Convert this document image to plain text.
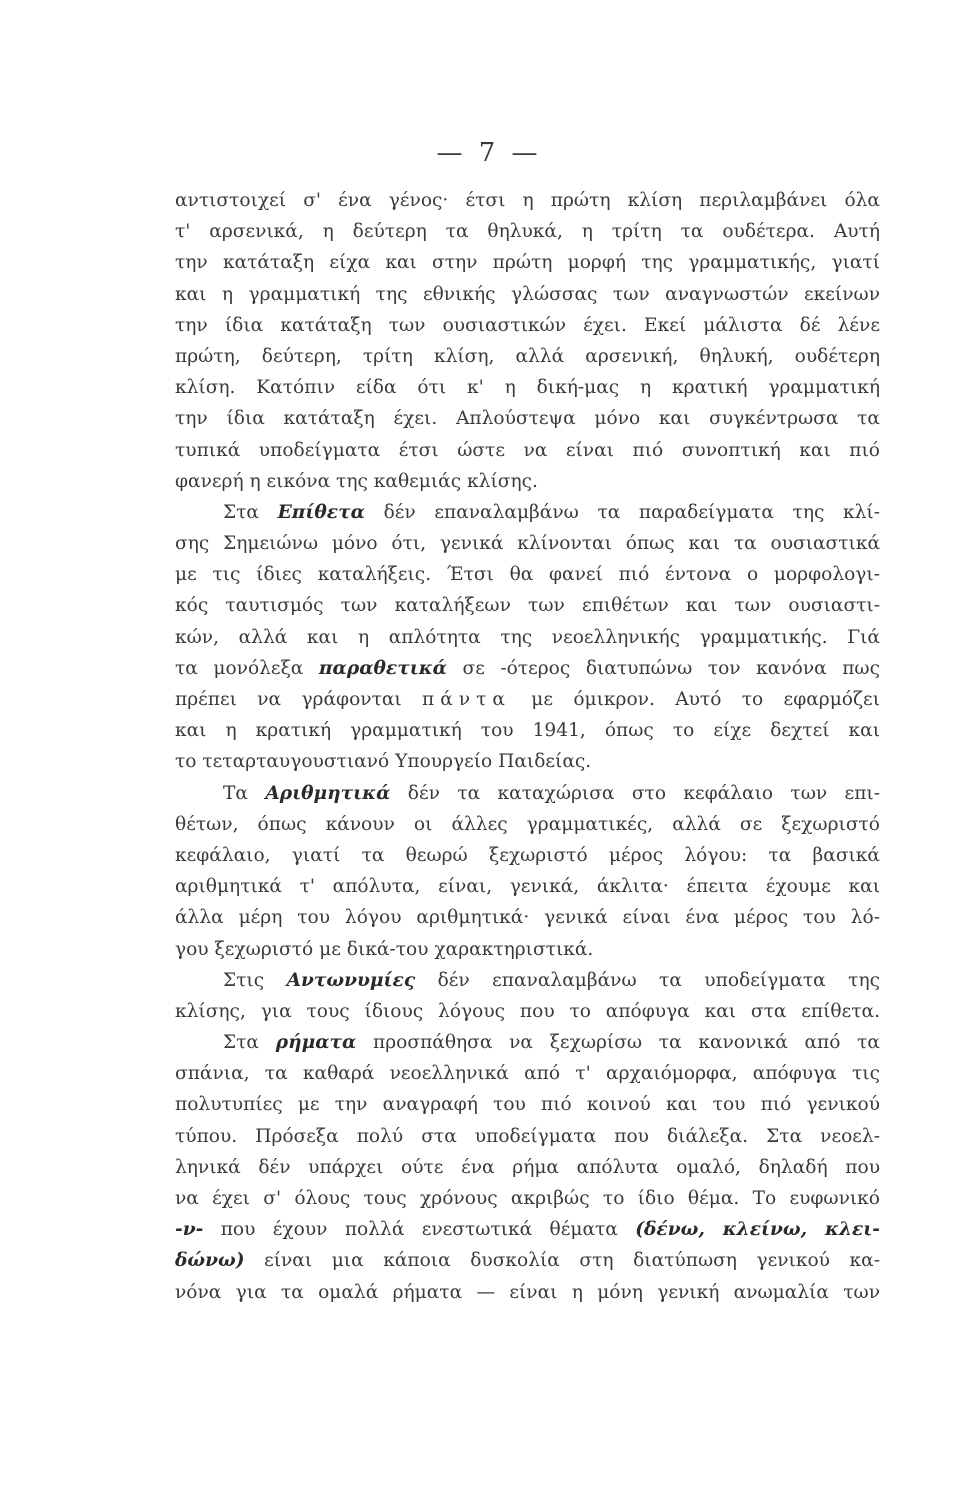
— 7 —
αντιστοιχεί σ' ένα γένος· έτσι η πρώτη κλίση περιλαμβάνει όλα
τ' αρσενικά, η δεύτερη τα θηλυκά, η τρίτη τα ουδέτερα. Αυτή
την κατάταξη είχα και στην πρώτη μορφή της γραμματικής, γιατί
και η γραμματική της εθνικής γλώσσας των αναγνωστών εκείνων
την ίδια κατάταξη των ουσιαστικών έχει. Εκεί μάλιστα δέ λένε
πρώτη, δεύτερη, τρίτη κλίση, αλλά αρσενική, θηλυκή, ουδέτερη
κλίση. Κατόπιν είδα ότι κ' η δική-μας η κρατική γραμματική
την ίδια κατάταξη έχει. Απλούστεψα μόνο και συγκέντρωσα τα
τυπικά υποδείγματα έτσι ώστε να είναι πιό συνοπτική και πιό
φανερή η εικόνα της καθεμιάς κλίσης.
Στα Επίθετα δέν επαναλαμβάνω τα παραδείγματα της κλί-
σης Σημειώνω μόνο ότι, γενικά κλίνονται όπως και τα ουσιαστικά
με τις ίδιες καταλήξεις. Έτσι θα φανεί πιό έντονα ο μορφολογι-
κός ταυτισμός των καταλήξεων των επιθέτων και των ουσιαστι-
κών, αλλά και η απλότητα της νεοελληνικής γραμματικής. Γιά
τα μονόλεξα παραθετικά σε -ότερος διατυπώνω τον κανόνα πως
πρέπει να γράφονται πάντα με όμικρον. Αυτό το εφαρμόζει
και η κρατική γραμματική του 1941, όπως το είχε δεχτεί και
το τεταρταυγουστιανό Υπουργείο Παιδείας.
Τα Αριθμητικά δέν τα καταχώρισα στο κεφάλαιο των επι-
θέτων, όπως κάνουν οι άλλες γραμματικές, αλλά σε ξεχωριστό
κεφάλαιο, γιατί τα θεωρώ ξεχωριστό μέρος λόγου: τα βασικά
αριθμητικά τ' απόλυτα, είναι, γενικά, άκλιτα· έπειτα έχουμε και
άλλα μέρη του λόγου αριθμητικά· γενικά είναι ένα μέρος του λό-
γου ξεχωριστό με δικά-του χαρακτηριστικά.
Στις Αντωνυμίες δέν επαναλαμβάνω τα υποδείγματα της
κλίσης, για τους ίδιους λόγους που το απόφυγα και στα επίθετα.
Στα ρήματα προσπάθησα να ξεχωρίσω τα κανονικά από τα
σπάνια, τα καθαρά νεοελληνικά από τ' αρχαιόμορφα, απόφυγα τις
πολυτυπίες με την αναγραφή του πιό κοινού και του πιό γενικού
τύπου. Πρόσεξα πολύ στα υποδείγματα που διάλεξα. Στα νεοελ-
ληνικά δέν υπάρχει ούτε ένα ρήμα απόλυτα ομαλό, δηλαδή που
να έχει σ' όλους τους χρόνους ακριβώς το ίδιο θέμα. Το ευφωνικό
-ν- που έχουν πολλά ενεστωτικά θέματα (δένω, κλείνω, κλει-
δώνω) είναι μια κάποια δυσκολία στη διατύπωση γενικού κα-
νόνα για τα ομαλά ρήματα — είναι η μόνη γενική ανωμαλία των
